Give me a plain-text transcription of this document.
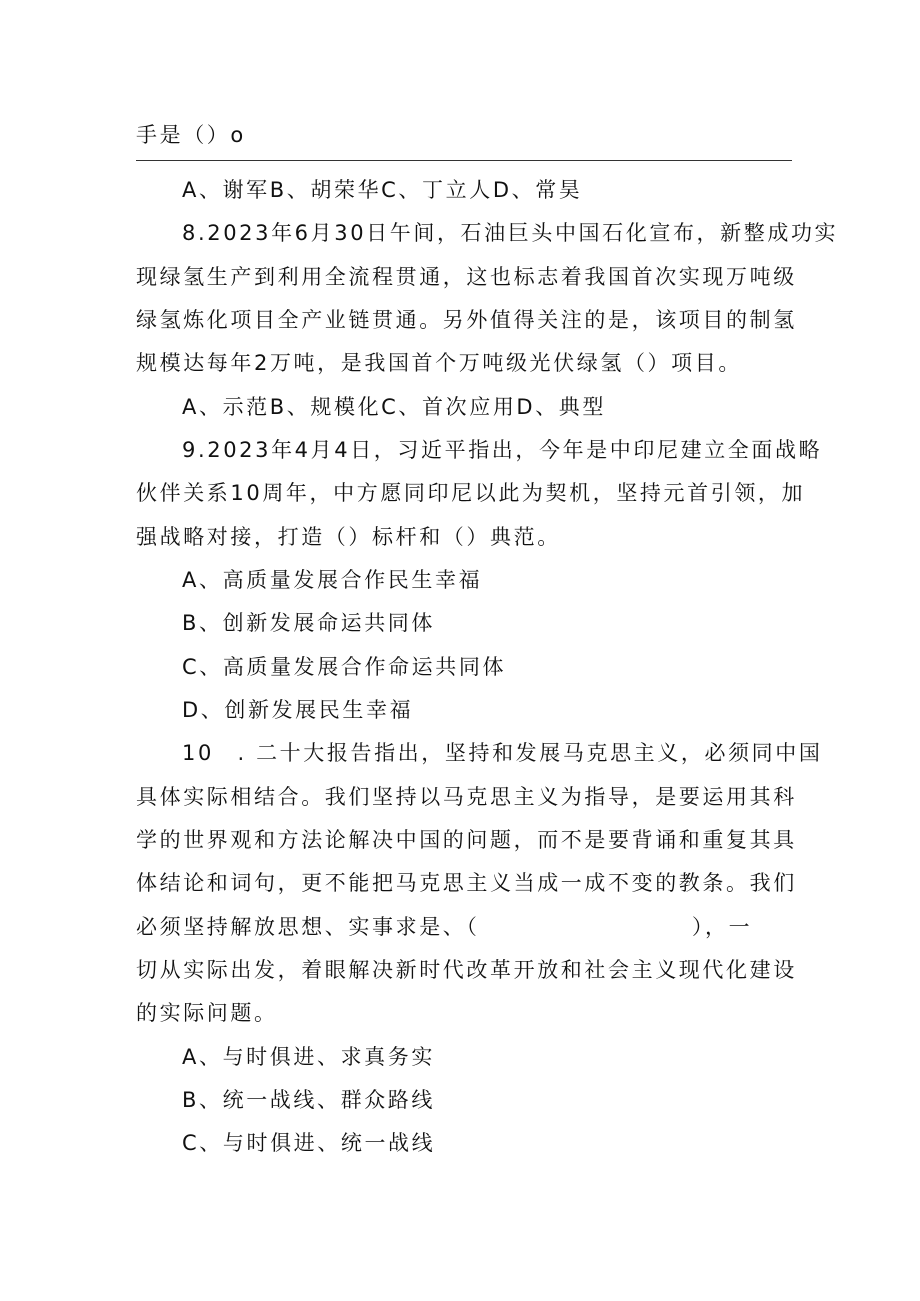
手是（）o
A、谢军B、胡荣华C、丁立人D、常昊
8.2023年6月30日午间，石油巨头中国石化宣布，新整成功实
现绿氢生产到利用全流程贯通，这也标志着我国首次实现万吨级
绿氢炼化项目全产业链贯通。另外值得关注的是，该项目的制氢
规模达每年2万吨，是我国首个万吨级光伏绿氢（）项目。
A、示范B、规模化C、首次应用D、典型
9.2023年4月4日，习近平指出，今年是中印尼建立全面战略
伙伴关系10周年，中方愿同印尼以此为契机，坚持元首引领，加
强战略对接，打造（）标杆和（）典范。
A、高质量发展合作民生幸福
B、创新发展命运共同体
C、高质量发展合作命运共同体
D、创新发展民生幸福
10　. 二十大报告指出，坚持和发展马克思主义，必须同中国
具体实际相结合。我们坚持以马克思主义为指导，是要运用其科
学的世界观和方法论解决中国的问题，而不是要背诵和重复其具
体结论和词句，更不能把马克思主义当成一成不变的教条。我们
必须坚持解放思想、实事求是、（　　　　　　　　　），一
切从实际出发，着眼解决新时代改革开放和社会主义现代化建设
的实际问题。
A、与时俱进、求真务实
B、统一战线、群众路线
C、与时俱进、统一战线
